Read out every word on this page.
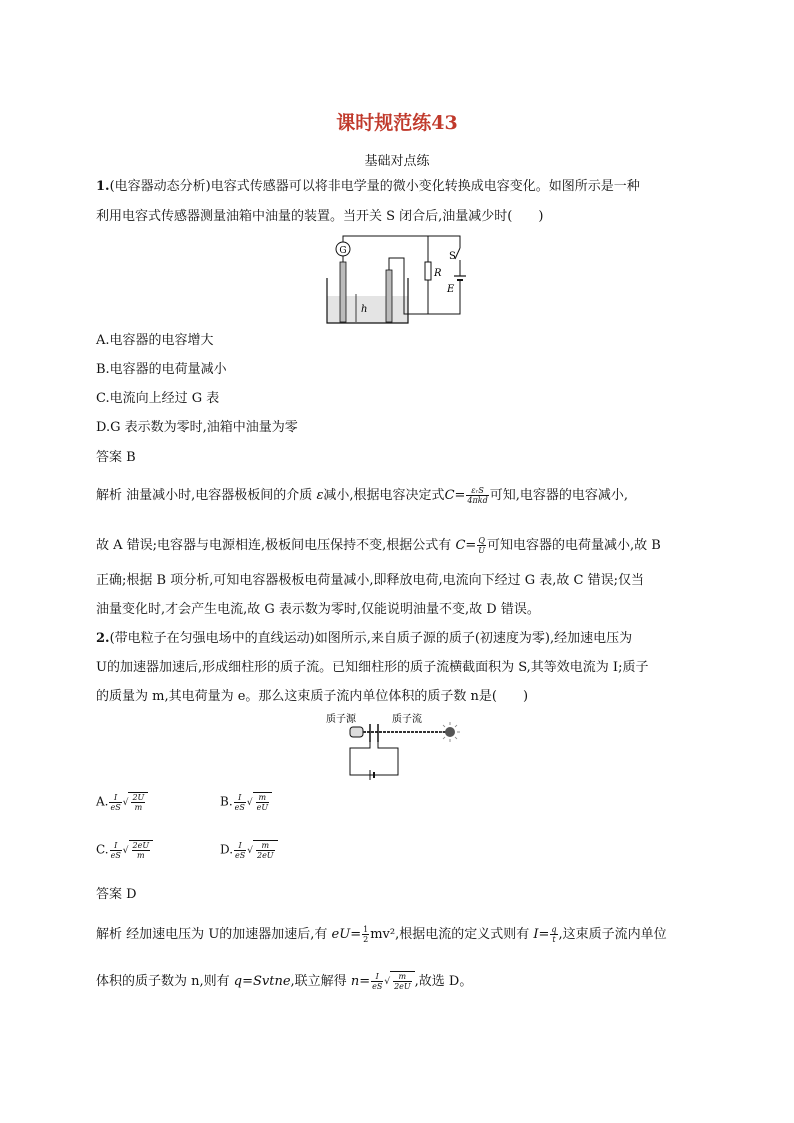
课时规范练43
基础对点练
1.(电容器动态分析)电容式传感器可以将非电学量的微小变化转换成电容变化。如图所示是一种
利用电容式传感器测量油箱中油量的装置。当开关 S 闭合后,油量减少时(　　)
G
h
R
S
E
A.电容器的电容增大
B.电容器的电荷量减小
C.电流向上经过 G 表
D.G 表示数为零时,油箱中油量为零
答案 B
解析 油量减小时,电容器极板间的介质 ε减小,根据电容决定式$C= \frac{\text{εᵣS}}{\text{4πkd}}$ 可知,电容器的电容减小,
故 A 错误;电容器与电源相连,极板间电压保持不变,根据公式有 $C= \frac{Q}{U}$ 可知电容器的电荷量减小,故 B
正确;根据 B 项分析,可知电容器极板电荷量减小,即释放电荷,电流向下经过 G 表,故 C 错误;仅当
油量变化时,才会产生电流,故 G 表示数为零时,仅能说明油量不变,故 D 错误。
2.(带电粒子在匀强电场中的直线运动)如图所示,来自质子源的质子(初速度为零),经加速电压为
U的加速器加速后,形成细柱形的质子流。已知细柱形的质子流横截面积为 S,其等效电流为 I;质子
的质量为 m,其电荷量为 e。那么这束质子流内单位体积的质子数 n是(　　)
质子源	质子流
A. $\frac{I}{eS}$ √ $\frac{2U}{m}$	B. $\frac{I}{eS}$ √ $\frac{m}{eU}$
C. $\frac{I}{eS}$ √ $\frac{2eU}{m}$	D. $\frac{I}{eS}$ √ $\frac{m}{2eU}$
答案 D
解析 经加速电压为 U的加速器加速后,有 $eU= \frac{1}{2} mv^2$,根据电流的定义式则有 $I= \frac{q}{t}$ ,这束质子流内单位
体积的质子数为 n,则有 q=Svtne,联立解得 $n= \frac{I}{eS}$ √ $\frac{m}{2eU}$ ,故选 D。
